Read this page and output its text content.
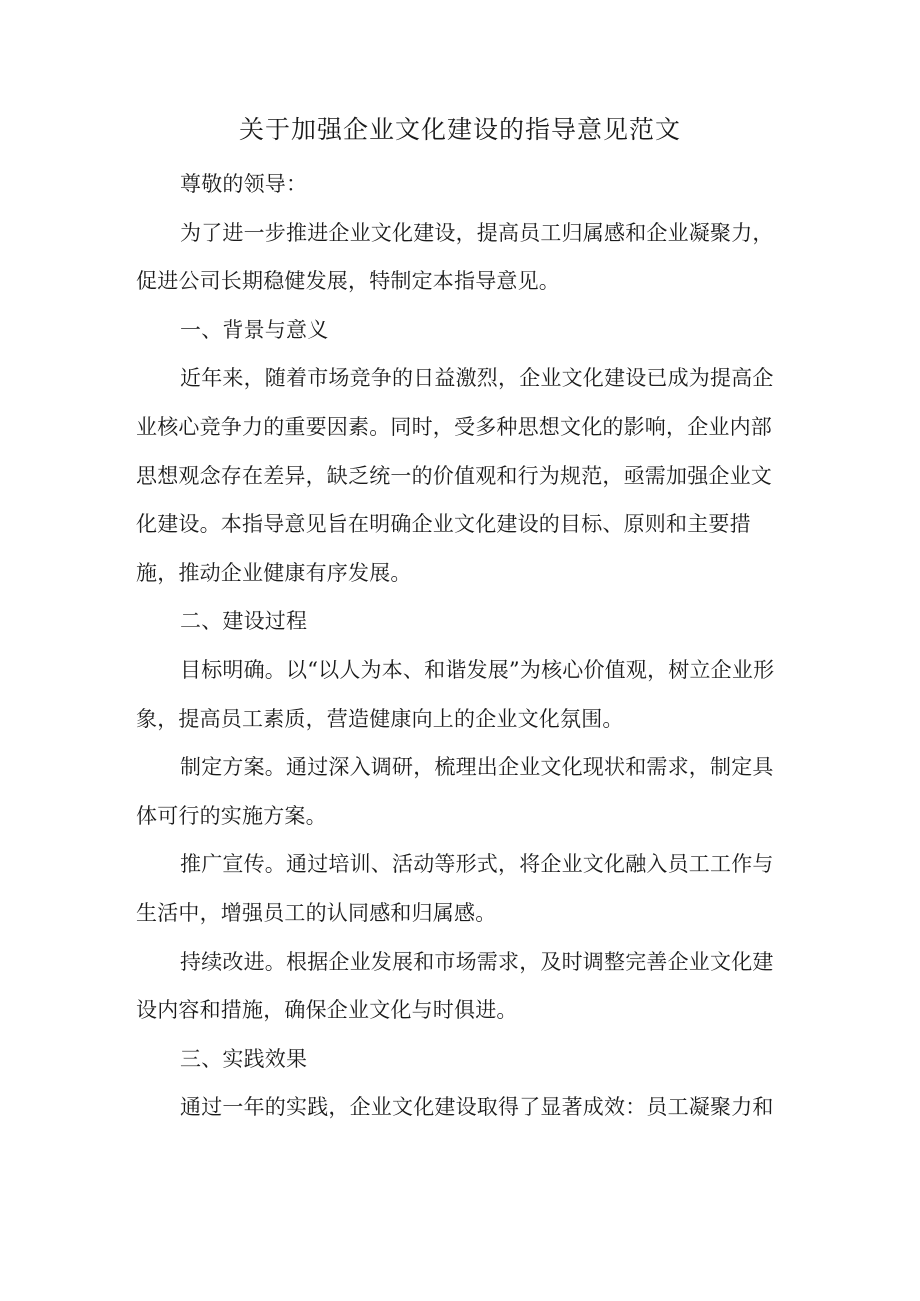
关于加强企业文化建设的指导意见范文

尊敬的领导：

为了进一步推进企业文化建设，提高员工归属感和企业凝聚力，促进公司长期稳健发展，特制定本指导意见。

一、背景与意义

近年来，随着市场竞争的日益激烈，企业文化建设已成为提高企业核心竞争力的重要因素。同时，受多种思想文化的影响，企业内部思想观念存在差异，缺乏统一的价值观和行为规范，亟需加强企业文化建设。本指导意见旨在明确企业文化建设的目标、原则和主要措施，推动企业健康有序发展。

二、建设过程

目标明确。以“以人为本、和谐发展”为核心价值观，树立企业形象，提高员工素质，营造健康向上的企业文化氛围。

制定方案。通过深入调研，梳理出企业文化现状和需求，制定具体可行的实施方案。

推广宣传。通过培训、活动等形式，将企业文化融入员工工作与生活中，增强员工的认同感和归属感。

持续改进。根据企业发展和市场需求，及时调整完善企业文化建设内容和措施，确保企业文化与时俱进。

三、实践效果

通过一年的实践，企业文化建设取得了显著成效：员工凝聚力和
